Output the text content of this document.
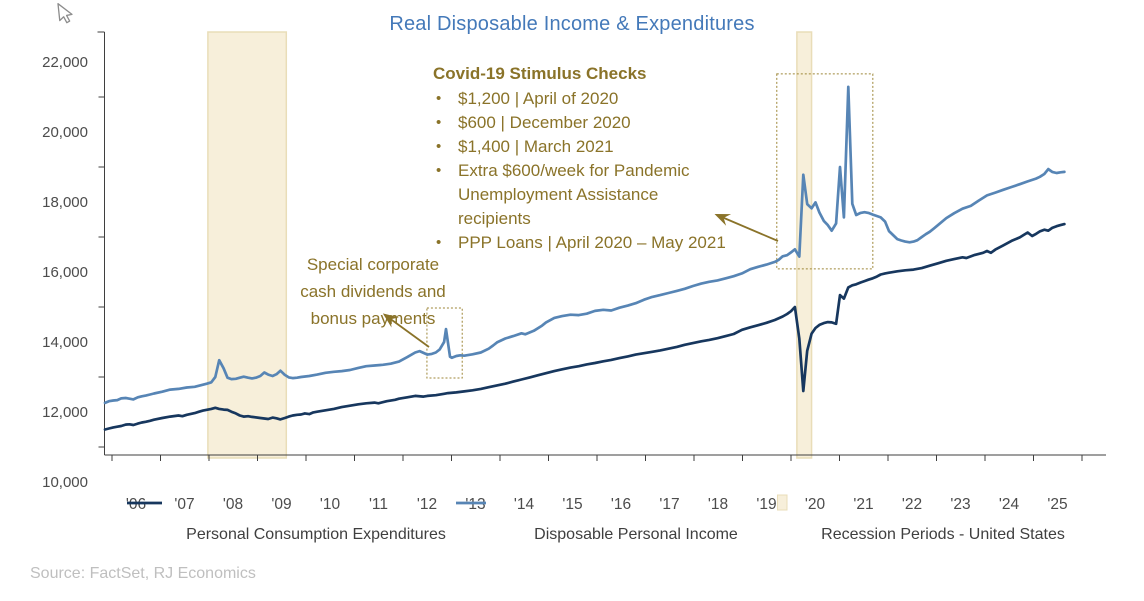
22,000
20,000
18,000
16,000
14,000
12,000
10,000
'06 '07 '08 '09 '10 '11 '12 '13 '14 '15 '16 '17 '18 '19 '20 '21 '22 '23 '24 '25
Real Disposable Income & Expenditures

Covid-19 Stimulus Checks

• $1,200 | April of 2020
• $600 | December 2020
• $1,400 | March 2021
• Extra $600/week for Pandemic Unemployment Assistance recipients
• PPP Loans | April 2020 – May 2021
Special corporate
cash dividends and
bonus payments
Personal Consumption Expenditures	Disposable Personal Income	Recession Periods - United States
Source: FactSet, RJ Economics
